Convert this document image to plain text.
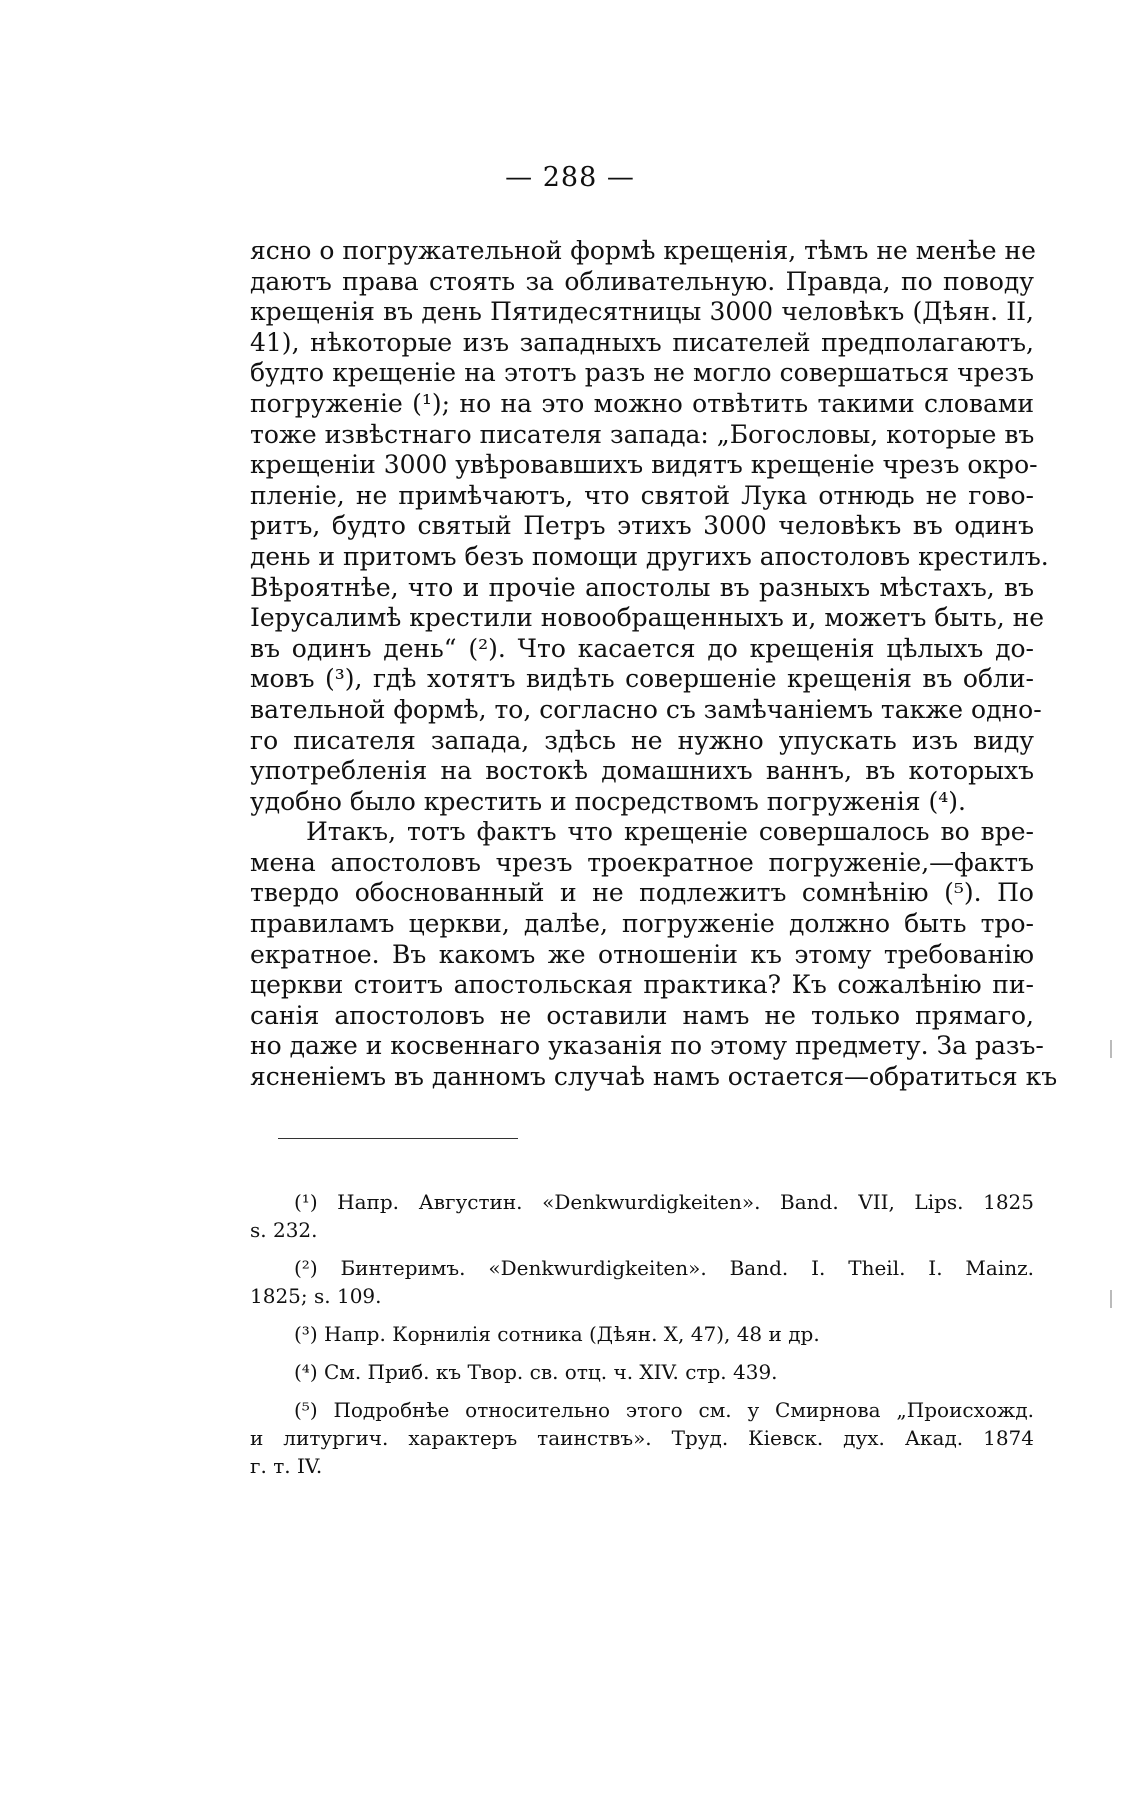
— 288 —
ясно о погружательной формѣ крещенія, тѣмъ не менѣе не
даютъ права стоять за обливательную. Правда, по поводу
крещенія въ день Пятидесятницы 3000 человѣкъ (Дѣян. II,
41), нѣкоторые изъ западныхъ писателей предполагаютъ,
будто крещеніе на этотъ разъ не могло совершаться чрезъ
погруженіе (¹); но на это можно отвѣтить такими словами
тоже извѣстнаго писателя запада: „Богословы, которые въ
крещеніи 3000 увѣровавшихъ видятъ крещеніе чрезъ окро-
пленіе, не примѣчаютъ, что святой Лука отнюдь не гово-
ритъ, будто святый Петръ этихъ 3000 человѣкъ въ одинъ
день и притомъ безъ помощи другихъ апостоловъ крестилъ.
Вѣроятнѣе, что и прочіе апостолы въ разныхъ мѣстахъ, въ
Іерусалимѣ крестили новообращенныхъ и, можетъ быть, не
въ одинъ день“ (²). Что касается до крещенія цѣлыхъ до-
мовъ (³), гдѣ хотятъ видѣть совершеніе крещенія въ обли-
вательной формѣ, то, согласно съ замѣчаніемъ также одно-
го писателя запада, здѣсь не нужно упускать изъ виду
употребленія на востокѣ домашнихъ ваннъ, въ которыхъ
удобно было крестить и посредствомъ погруженія (⁴).
Итакъ, тотъ фактъ что крещеніе совершалось во вре-
мена апостоловъ чрезъ троекратное погруженіе,—фактъ
твердо обоснованный и не подлежитъ сомнѣнію (⁵). По
правиламъ церкви, далѣе, погруженіе должно быть тро-
екратное. Въ какомъ же отношеніи къ этому требованію
церкви стоитъ апостольская практика? Къ сожалѣнію пи-
санія апостоловъ не оставили намъ не только прямаго,
но даже и косвеннаго указанія по этому предмету. За разъ-
ясненіемъ въ данномъ случаѣ намъ остается—обратиться къ
(¹) Напр. Августин. «Denkwurdigkeiten». Band. VII, Lips. 1825
s. 232.
(²) Бинтеримъ. «Denkwurdigkeiten». Band. I. Theil. I. Mainz.
1825; s. 109.
(³) Напр. Корнилія сотника (Дѣян. X, 47), 48 и др.
(⁴) См. Приб. къ Твор. св. отц. ч. XIV. стр. 439.
(⁵) Подробнѣе относительно этого см. у Смирнова „Происхожд.
и литургич. характеръ таинствъ». Труд. Кіевск. дух. Акад. 1874
г. т. IV.
